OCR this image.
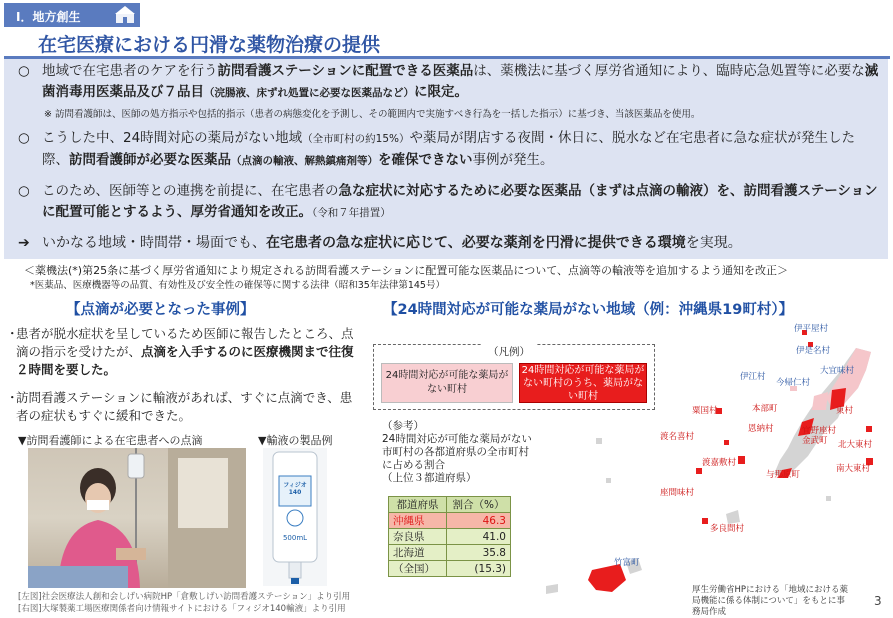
Ⅰ．地方創生
在宅医療における円滑な薬物治療の提供
○ 地域で在宅患者のケアを行う訪問看護ステーションに配置できる医薬品は、薬機法に基づく厚労省通知により、臨時応急処置等に必要な滅菌消毒用医薬品及び７品目（浣腸液、床ずれ処置に必要な医薬品など）に限定。
※ 訪問看護師は、医師の処方指示や包括的指示（患者の病態変化を予測し、その範囲内で実施すべき行為を一括した指示）に基づき、当該医薬品を使用。
○ こうした中、24時間対応の薬局がない地域（全市町村の約15%）や薬局が閉店する夜間・休日に、脱水など在宅患者に急な症状が発生した際、訪問看護師が必要な医薬品（点滴の輸液、解熱鎮痛剤等）を確保できない事例が発生。
○ このため、医師等との連携を前提に、在宅患者の急な症状に対応するために必要な医薬品（まずは点滴の輸液）を、訪問看護ステーションに配置可能とするよう、厚労省通知を改正。（令和７年措置）
➔ いかなる地域・時間帯・場面でも、在宅患者の急な症状に応じて、必要な薬剤を円滑に提供できる環境を実現。
＜薬機法(*)第25条に基づく厚労省通知により規定される訪問看護ステーションに配置可能な医薬品について、点滴等の輸液等を追加するよう通知を改正＞
*医薬品、医療機器等の品質、有効性及び安全性の確保等に関する法律（昭和35年法律第145号）
【点滴が必要となった事例】
・
患者が脱水症状を呈しているため医師に報告したところ、点滴の指示を受けたが、点滴を入手するのに医療機関まで往復２時間を要した。
・
訪問看護ステーションに輸液があれば、すぐに点滴でき、患者の症状もすぐに緩和できた。
▼訪問看護師による在宅患者への点滴	▼輸液の製品例
フィジオ140
500mL
[左図]社会医療法人創和会しげい病院HP「倉敷しげい訪問看護ステーション」より引用
[右図]大塚製薬工場医療関係者向け情報サイトにおける「フィジオ140輸液」より引用
【24時間対応が可能な薬局がない地域（例：沖縄県19町村）】
（凡例）
24時間対応が可能な薬局がない町村
24時間対応が可能な薬局がない町村のうち、薬局がない町村
（参考）
24時間対応が可能な薬局がない市町村の各都道府県の全市町村に占める割合
（上位３都道府県）
都道府県	割合（%）
沖縄県	46.3
奈良県	41.0
北海道	35.8
（全国）	(15.3)
伊平屋村
伊是名村
大宜味村
伊江村
今帰仁村
東村
本部町
粟国村
恩納村	宜野座村
金武町 北大東村
渡名喜村
渡嘉敷村
与那原町
南大東村
座間味村
多良間村
竹富町
厚生労働省HPにおける「地域における薬局機能に係る体制について」をもとに事務局作成
3
